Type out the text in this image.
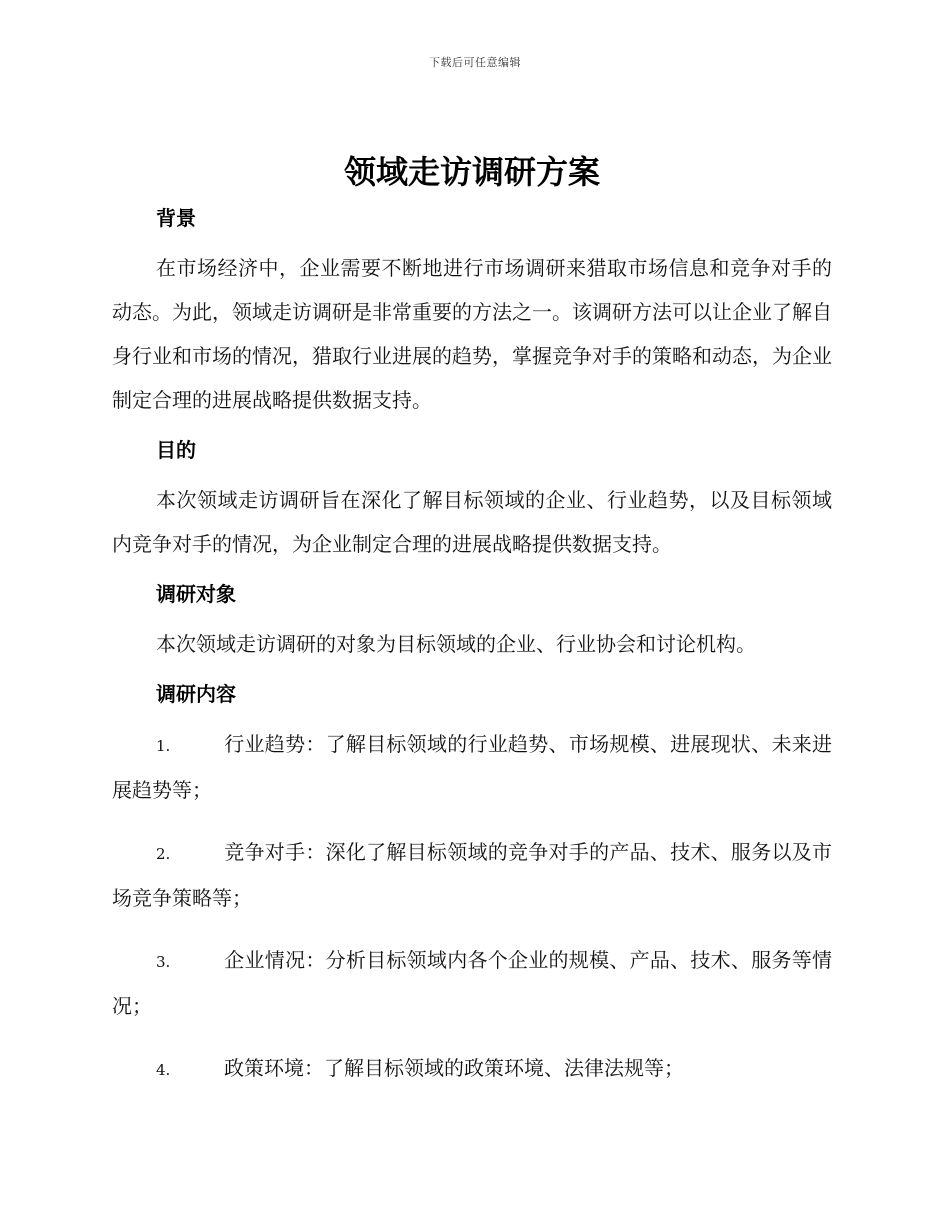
下载后可任意编辑
领域走访调研方案
背景

在市场经济中，企业需要不断地进行市场调研来猎取市场信息和竞争对手的动态。为此，领域走访调研是非常重要的方法之一。该调研方法可以让企业了解自身行业和市场的情况，猎取行业进展的趋势，掌握竞争对手的策略和动态，为企业制定合理的进展战略提供数据支持。

目的

本次领域走访调研旨在深化了解目标领域的企业、行业趋势，以及目标领域内竞争对手的情况，为企业制定合理的进展战略提供数据支持。

调研对象

本次领域走访调研的对象为目标领域的企业、行业协会和讨论机构。

调研内容

1.	行业趋势：了解目标领域的行业趋势、市场规模、进展现状、未来进展趋势等；

2.	竞争对手：深化了解目标领域的竞争对手的产品、技术、服务以及市场竞争策略等；

3.	企业情况：分析目标领域内各个企业的规模、产品、技术、服务等情况；

4.	政策环境：了解目标领域的政策环境、法律法规等；
